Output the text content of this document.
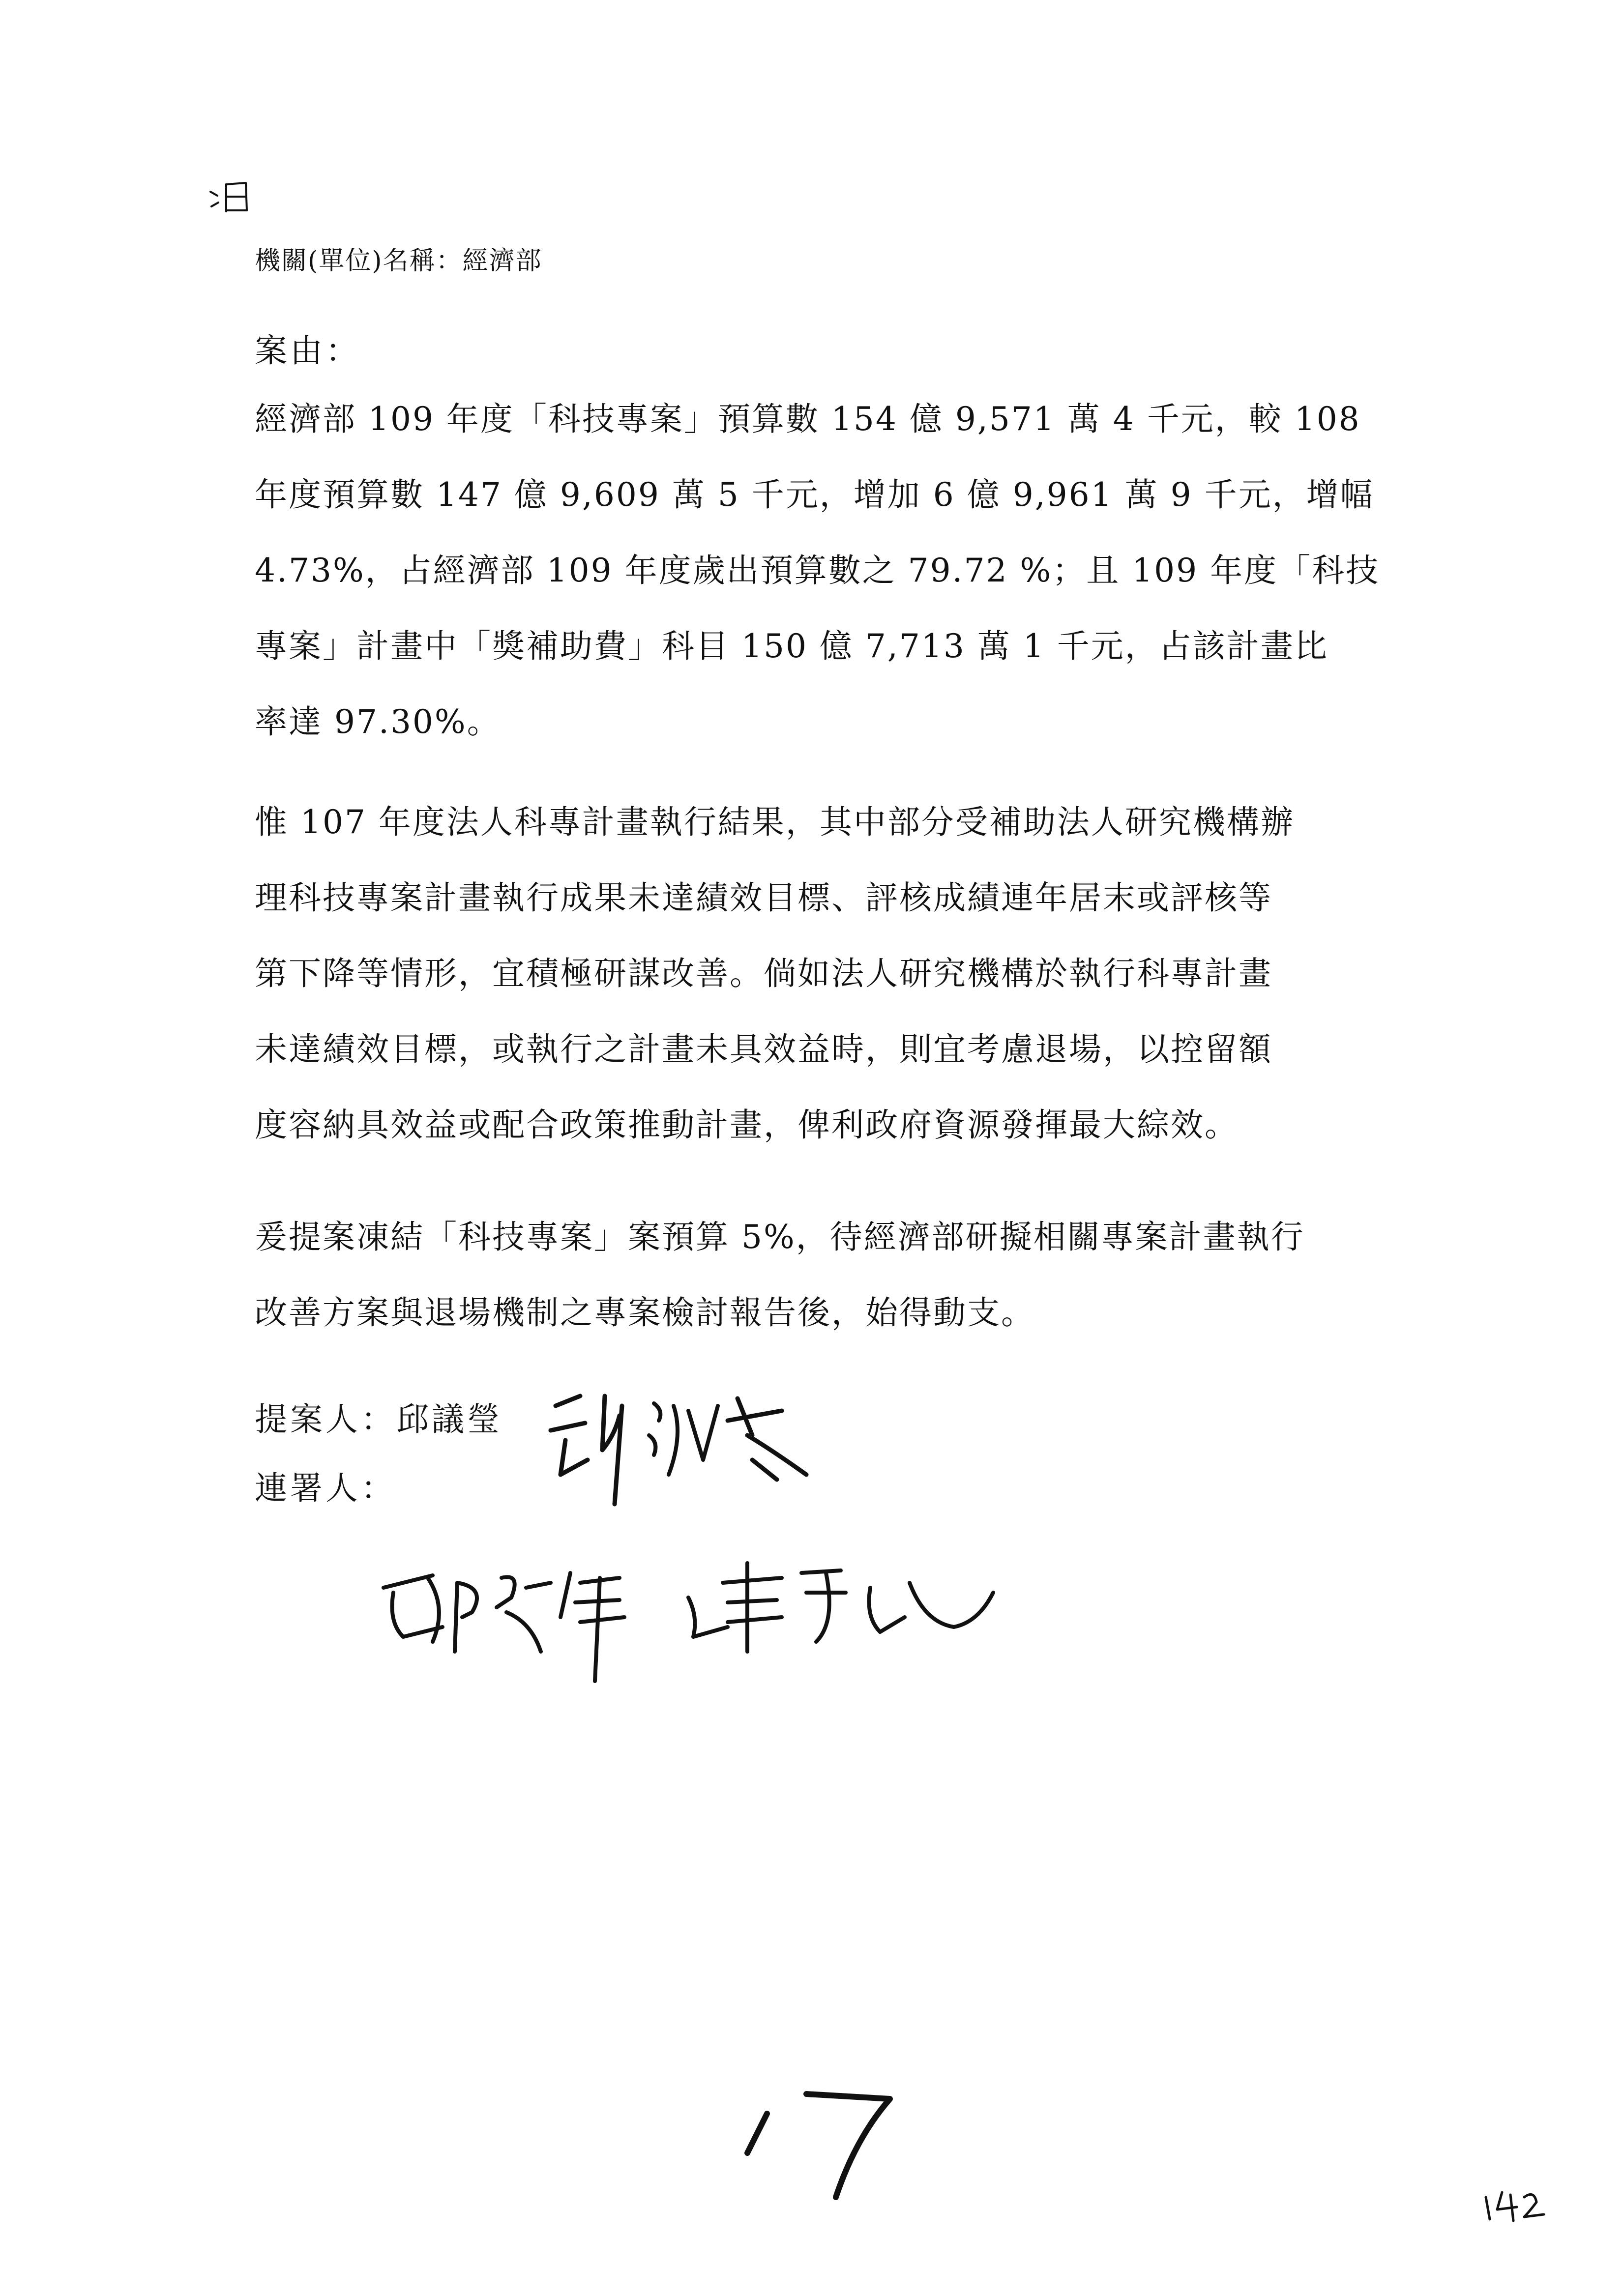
機關(單位)名稱：經濟部
案由：
經濟部 109 年度「科技專案」預算數 154 億 9,571 萬 4 千元，較 108
年度預算數 147 億 9,609 萬 5 千元，增加 6 億 9,961 萬 9 千元，增幅
4.73%，占經濟部 109 年度歲出預算數之 79.72 %；且 109 年度「科技
專案」計畫中「獎補助費」科目 150 億 7,713 萬 1 千元，占該計畫比
率達 97.30%。
惟 107 年度法人科專計畫執行結果，其中部分受補助法人研究機構辦
理科技專案計畫執行成果未達績效目標、評核成績連年居末或評核等
第下降等情形，宜積極研謀改善。倘如法人研究機構於執行科專計畫
未達績效目標，或執行之計畫未具效益時，則宜考慮退場，以控留額
度容納具效益或配合政策推動計畫，俾利政府資源發揮最大綜效。
爰提案凍結「科技專案」案預算 5%，待經濟部研擬相關專案計畫執行
改善方案與退場機制之專案檢討報告後，始得動支。
提案人：邱議瑩
連署人：
